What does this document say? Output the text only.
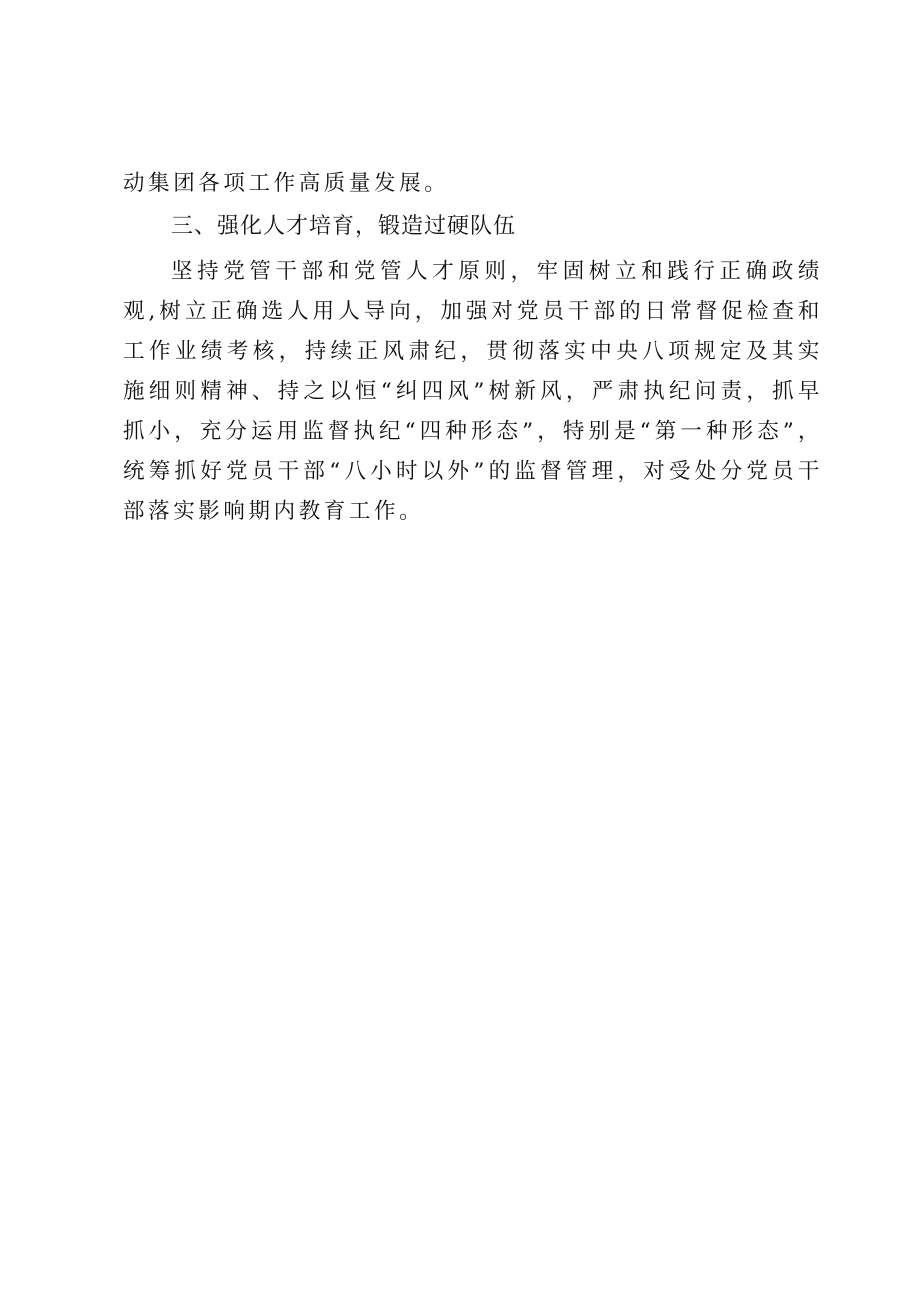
动集团各项工作高质量发展。

三、强化人才培育，锻造过硬队伍

坚持党管干部和党管人才原则，牢固树立和践行正确政绩观,树立正确选人用人导向，加强对党员干部的日常督促检查和工作业绩考核，持续正风肃纪，贯彻落实中央八项规定及其实施细则精神、持之以恒“纠四风”树新风，严肃执纪问责，抓早抓小，充分运用监督执纪“四种形态”，特别是“第一种形态”，统筹抓好党员干部“八小时以外”的监督管理，对受处分党员干部落实影响期内教育工作。
